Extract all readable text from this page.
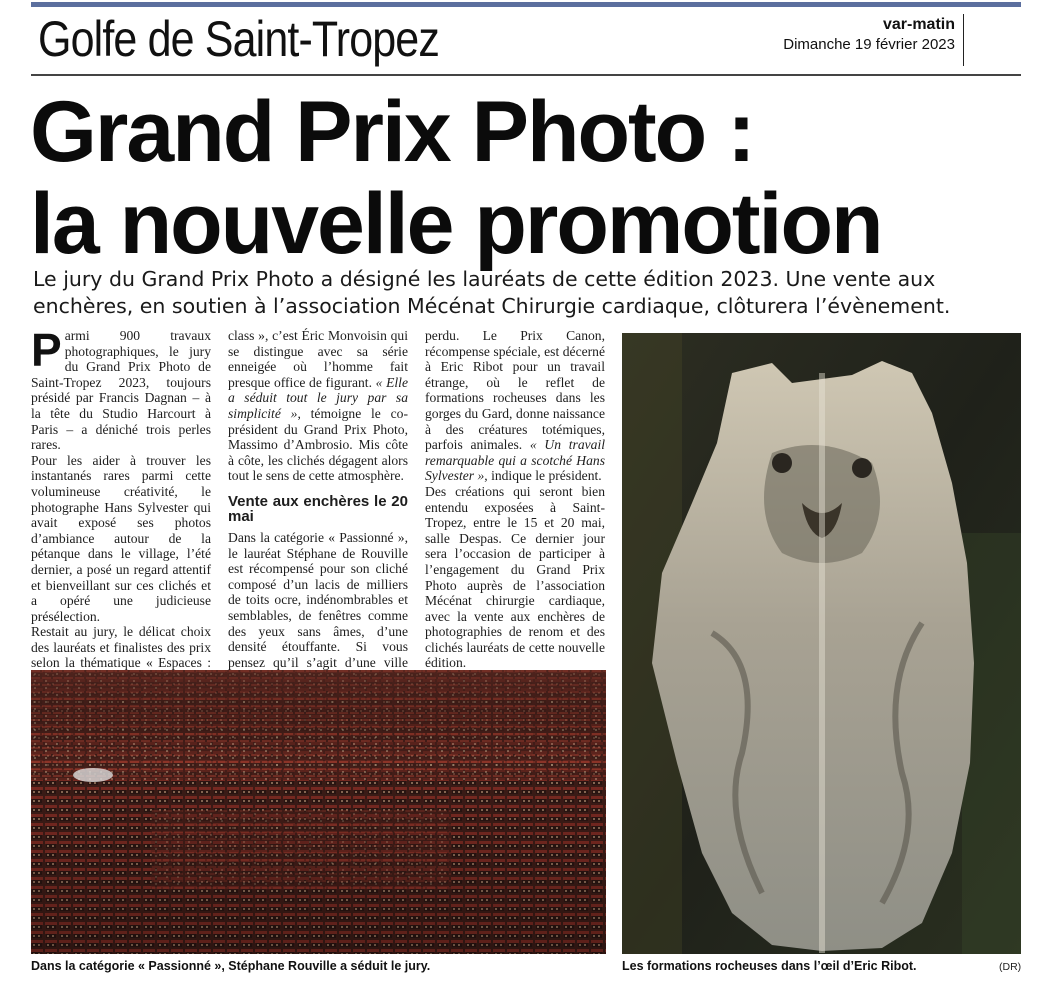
Golfe de Saint-Tropez	var-matin
Dimanche 19 février 2023
Grand Prix Photo :
la nouvelle promotion
Le jury du Grand Prix Photo a désigné les lauréats de cette édition 2023. Une vente aux enchères, en soutien à l’association Mécénat Chirurgie cardiaque, clôturera l’évènement.

Parmi 900 travaux photographiques, le jury du Grand Prix Photo de Saint-Tropez 2023, toujours présidé par Francis Dagnan – à la tête du Studio Harcourt à Paris – a déniché trois perles rares.

Pour les aider à trouver les instantanés rares parmi cette volumineuse créativité, le photographe Hans Sylvester qui avait exposé ses photos d’ambiance autour de la pétanque dans le village, l’été dernier, a posé un regard attentif et bienveillant sur ces clichés et a opéré une judicieuse présélection.

Restait au jury, le délicat choix des lauréats et finalistes des prix selon la thématique « Espaces :

class », c’est Éric Monvoisin qui se distingue avec sa série enneigée où l’homme fait presque office de figurant. « Elle a séduit tout le jury par sa simplicité », témoigne le co-président du Grand Prix Photo, Massimo d’Ambrosio. Mis côte à côte, les clichés dégagent alors tout le sens de cette atmosphère.

Vente aux enchères le 20 mai

Dans la catégorie « Passionné », le lauréat Stéphane de Rouville est récompensé pour son cliché composé d’un lacis de milliers de toits ocre, indénombrables et semblables, de fenêtres comme des yeux sans âmes, d’une densité étouffante. Si vous pensez qu’il s’agit d’une ville

perdu. Le Prix Canon, récompense spéciale, est décerné à Eric Ribot pour un travail étrange, où le reflet de formations rocheuses dans les gorges du Gard, donne naissance à des créatures totémiques, parfois animales. « Un travail remarquable qui a scotché Hans Sylvester », indique le président.

Des créations qui seront bien entendu exposées à Saint-Tropez, entre le 15 et 20 mai, salle Despas. Ce dernier jour sera l’occasion de participer à l’engagement du Grand Prix Photo auprès de l’association Mécénat chirurgie cardiaque, avec la vente aux enchères de photographies de renom et des clichés lauréats de cette nouvelle édition.

Dans la catégorie « Passionné », Stéphane Rouville a séduit le jury.	Les formations rocheuses dans l’œil d’Eric Ribot.	(DR)
